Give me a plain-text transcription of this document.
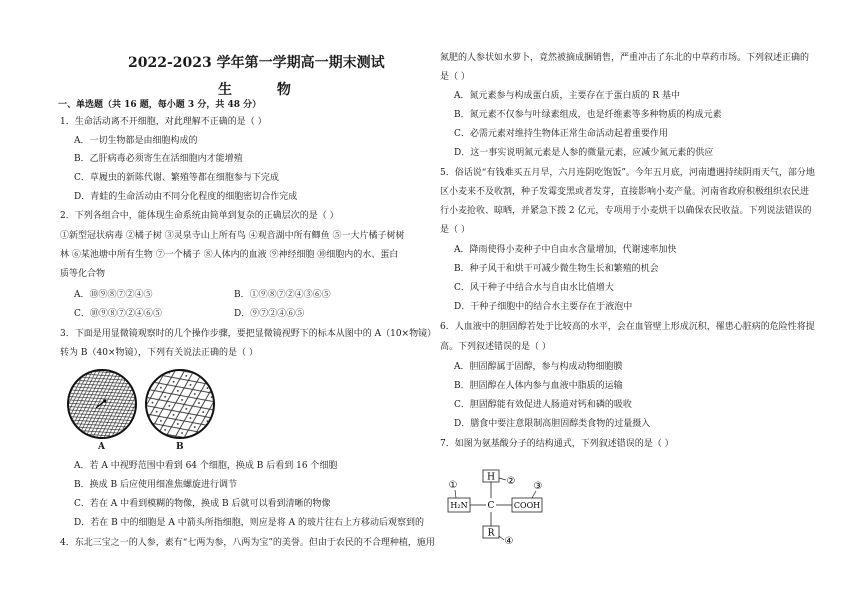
2022-2023 学年第一学期高一期末测试
生 物
一、单选题（共 16 题，每小题 3 分，共 48 分）
1．生命活动离不开细胞，对此理解不正确的是（ ）
A．一切生物都是由细胞构成的
B．乙肝病毒必须寄生在活细胞内才能增殖
C．草履虫的新陈代谢、繁殖等都在细胞参与下完成
D．青蛙的生命活动由不同分化程度的细胞密切合作完成
2．下列各组合中，能体现生命系统由简单到复杂的正确层次的是（ ）
①新型冠状病毒 ②橘子树 ③灵泉寺山上所有鸟 ④观音湖中所有鲫鱼 ⑤一大片橘子树树
林 ⑥某池塘中所有生物 ⑦一个橘子 ⑧人体内的血液 ⑨神经细胞 ⑩细胞内的水、蛋白
质等化合物
A．⑩⑨⑧⑦②④⑤	B．①⑨⑧⑦②④③⑥⑤
C．⑩⑨⑧⑦②④⑥⑤	D．⑨⑦②④⑥⑤
3．下面是用显微镜观察时的几个操作步骤，要把显微镜视野下的标本从图中的 A（10×物镜）
转为 B（40×物镜），下列有关说法正确的是（ ）
A	B
A．若 A 中视野范围中看到 64 个细胞，换成 B 后看到 16 个细胞
B．换成 B 后应使用细准焦螺旋进行调节
C．若在 A 中看到模糊的物像，换成 B 后就可以看到清晰的物像
D．若在 B 中的细胞是 A 中箭头所指细胞，则应是将 A 的玻片往右上方移动后观察到的
4．东北三宝之一的人参，素有“七两为参，八两为宝”的美誉。但由于农民的不合理种植，施用
氮肥的人参状如水萝卜，竟然被摘成捆销售，严重冲击了东北的中草药市场。下列叙述正确的
是（ ）
A．氮元素参与构成蛋白质，主要存在于蛋白质的 R 基中
B．氮元素不仅参与叶绿素组成，也是纤维素等多种物质的构成元素
C．必需元素对维持生物体正常生命活动起着重要作用
D．这一事实说明氮元素是人参的微量元素，应减少氮元素的供应
5．俗话说“有钱难买五月旱，六月连阴吃饱饭”。今年五月底，河南遭遇持续阴雨天气，部分地
区小麦来不及收割，种子发霉变黑或者发芽，直接影响小麦产量。河南省政府积极组织农民进
行小麦抢收、晾晒，并紧急下拨 2 亿元，专项用于小麦烘干以确保农民收益。下列说法错误的
是（ ）
A．降雨使得小麦种子中自由水含量增加，代谢速率加快
B．种子风干和烘干可减少微生物生长和繁殖的机会
C．风干种子中结合水与自由水比值增大
D．干种子细胞中的结合水主要存在于液泡中
6．人血液中的胆固醇若处于比较高的水平，会在血管壁上形成沉积，罹患心脏病的危险性将提
高。下列叙述错误的是（ ）
A．胆固醇属于固醇，参与构成动物细胞膜
B．胆固醇在人体内参与血液中脂质的运输
C．胆固醇能有效促进人肠道对钙和磷的吸收
D．膳食中要注意限制高胆固醇类食物的过量摄入
7．如图为氨基酸分子的结构通式，下列叙述错误的是（ ）
H
C
R
H₂N	COOH
①	② ③
④
